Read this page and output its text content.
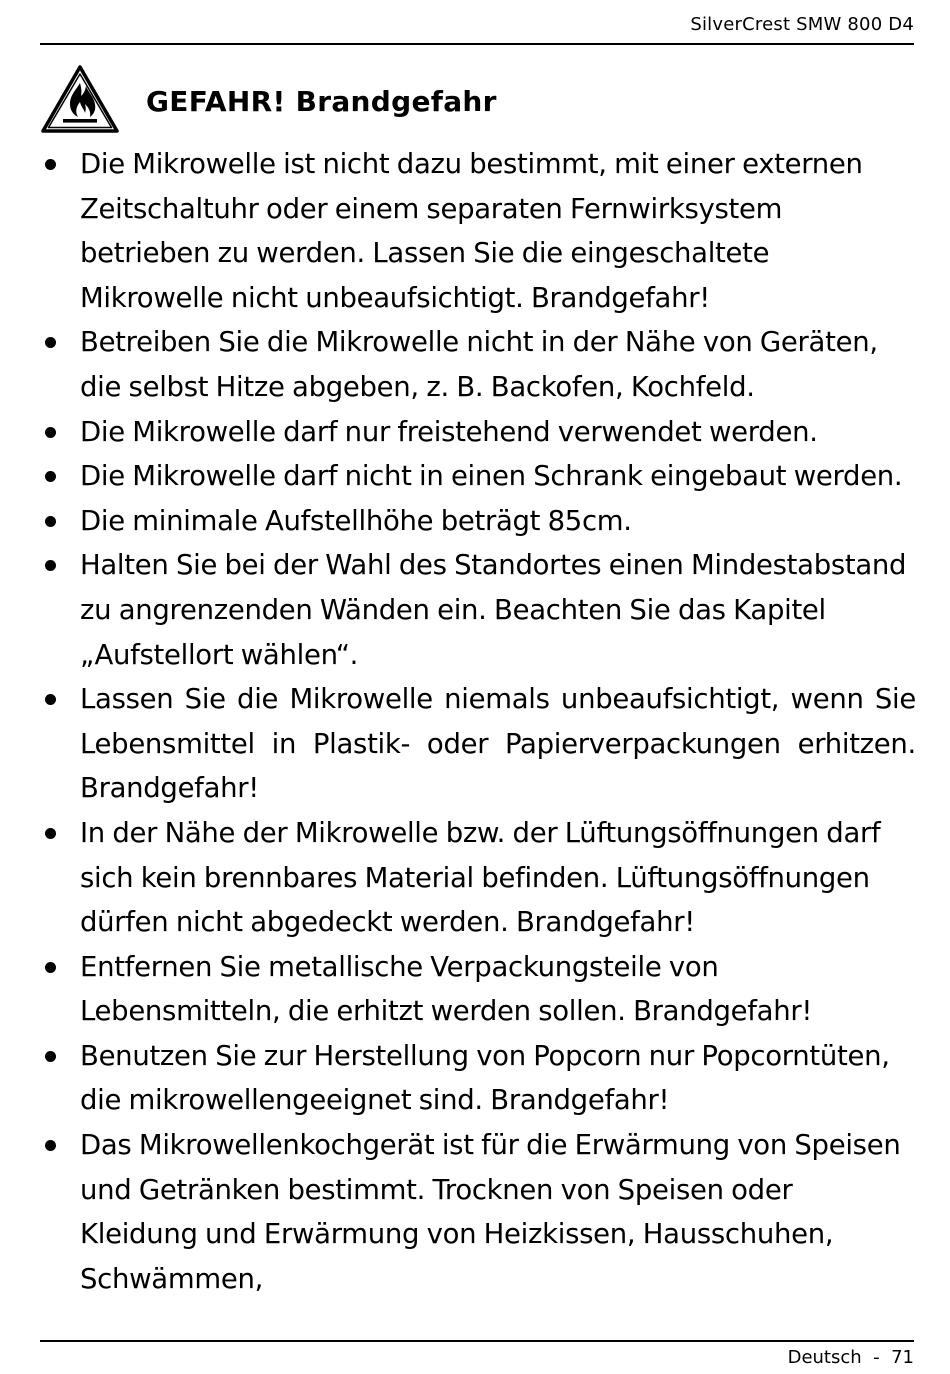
SilverCrest SMW 800 D4
GEFAHR! Brandgefahr
Die Mikrowelle ist nicht dazu bestimmt, mit einer externen Zeitschaltuhr oder einem separaten Fernwirksystem betrieben zu werden. Lassen Sie die eingeschaltete Mikrowelle nicht unbeaufsichtigt. Brandgefahr!
Betreiben Sie die Mikrowelle nicht in der Nähe von Geräten, die selbst Hitze abgeben, z. B. Backofen, Kochfeld.
Die Mikrowelle darf nur freistehend verwendet werden.
Die Mikrowelle darf nicht in einen Schrank eingebaut werden.
Die minimale Aufstellhöhe beträgt 85cm.
Halten Sie bei der Wahl des Standortes einen Mindestabstand zu angrenzenden Wänden ein. Beachten Sie das Kapitel „Aufstellort wählen“.
Lassen Sie die Mikrowelle niemals unbeaufsichtigt, wenn Sie Lebensmittel in Plastik- oder Papierverpackungen erhitzen. Brandgefahr!
In der Nähe der Mikrowelle bzw. der Lüftungsöffnungen darf sich kein brennbares Material befinden. Lüftungsöffnungen dürfen nicht abgedeckt werden. Brandgefahr!
Entfernen Sie metallische Verpackungsteile von Lebensmitteln, die erhitzt werden sollen. Brandgefahr!
Benutzen Sie zur Herstellung von Popcorn nur Popcorntüten, die mikrowellengeeignet sind. Brandgefahr!
Das Mikrowellenkochgerät ist für die Erwärmung von Speisen und Getränken bestimmt. Trocknen von Speisen oder Kleidung und Erwärmung von Heizkissen, Hausschuhen, Schwämmen,
Deutsch - 71
